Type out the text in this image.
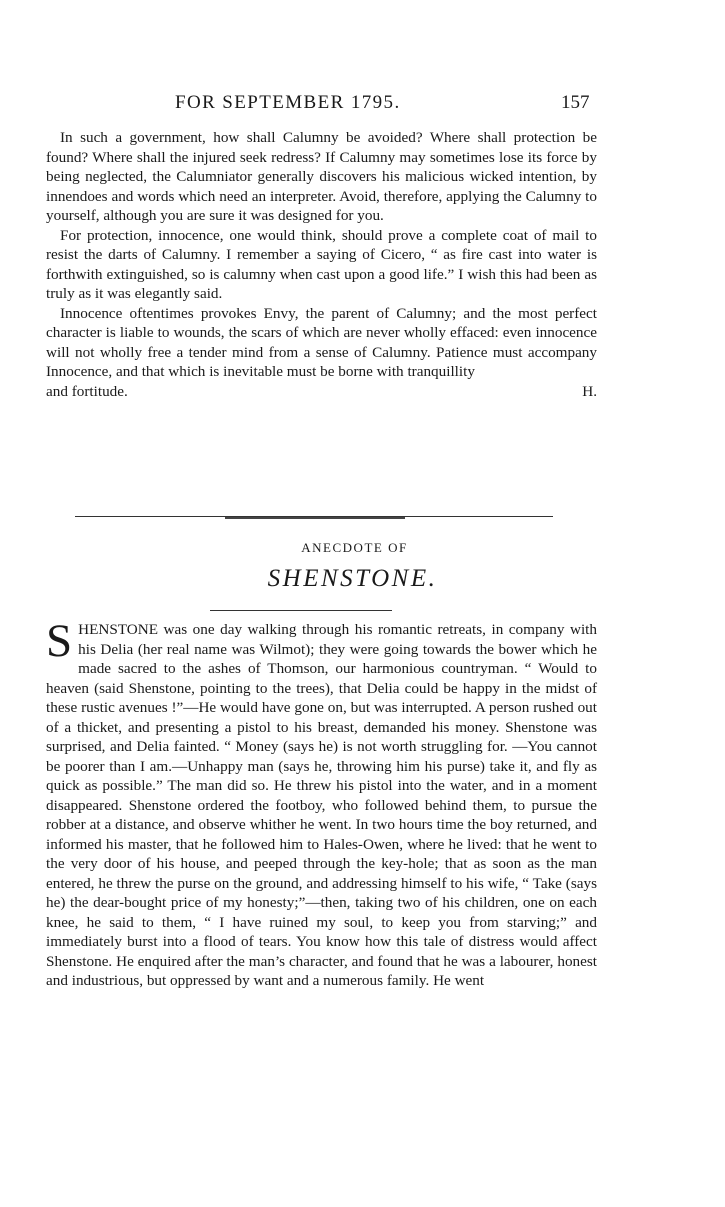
FOR SEPTEMBER 1795.	157

In such a government, how shall Calumny be avoided? Where shall protection be found? Where shall the injured seek redress? If Calumny may sometimes lose its force by being neglected, the Calumniator generally discovers his malicious wicked intention, by innendoes and words which need an interpreter. Avoid, therefore, applying the Calumny to yourself, although you are sure it was designed for you.

For protection, innocence, one would think, should prove a complete coat of mail to resist the darts of Calumny. I remember a saying of Cicero, “ as fire cast into water is forthwith extinguished, so is calumny when cast upon a good life.” I wish this had been as truly as it was elegantly said.

Innocence oftentimes provokes Envy, the parent of Calumny; and the most perfect character is liable to wounds, the scars of which are never wholly effaced: even innocence will not wholly free a tender mind from a sense of Calumny. Patience must accompany Innocence, and that which is inevitable must be borne with tranquillity

and fortitude.	H.
ANECDOTE OF
SHENSTONE.

SHENSTONE was one day walking through his romantic retreats, in company with his Delia (her real name was Wilmot); they were going towards the bower which he made sacred to the ashes of Thomson, our harmonious countryman. “ Would to heaven (said Shenstone, pointing to the trees), that Delia could be happy in the midst of these rustic avenues !”—He would have gone on, but was interrupted. A person rushed out of a thicket, and presenting a pistol to his breast, demanded his money. Shenstone was surprised, and Delia fainted. “ Money (says he) is not worth struggling for. —You cannot be poorer than I am.—Unhappy man (says he, throwing him his purse) take it, and fly as quick as possible.” The man did so. He threw his pistol into the water, and in a moment disappeared. Shenstone ordered the footboy, who followed behind them, to pursue the robber at a distance, and observe whither he went. In two hours time the boy returned, and informed his master, that he followed him to Hales-Owen, where he lived: that he went to the very door of his house, and peeped through the key-hole; that as soon as the man entered, he threw the purse on the ground, and addressing himself to his wife, “ Take (says he) the dear-bought price of my honesty;”—then, taking two of his children, one on each knee, he said to them, “ I have ruined my soul, to keep you from starving;” and immediately burst into a flood of tears. You know how this tale of distress would affect Shenstone. He enquired after the man’s character, and found that he was a labourer, honest and industrious, but oppressed by want and a numerous family. He went
